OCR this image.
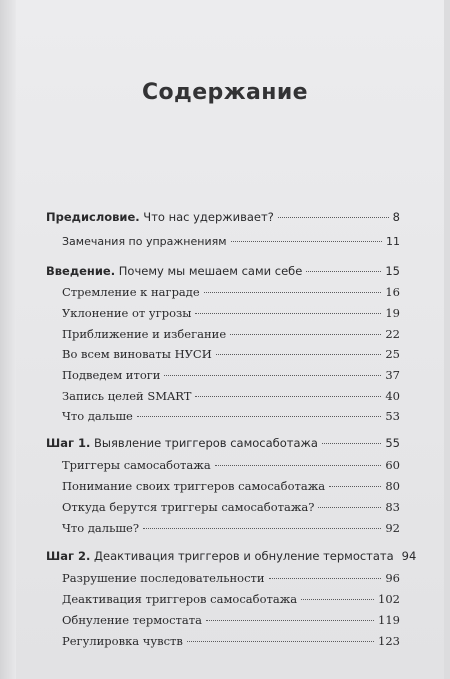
Содержание
Предисловие. Что нас удерживает?	8
Замечания по упражнениям	11
Введение. Почему мы мешаем сами себе	15
Стремление к награде	16
Уклонение от угрозы	19
Приближение и избегание	22
Во всем виноваты НУСИ	25
Подведем итоги	37
Запись целей SMART	40
Что дальше	53
Шаг 1. Выявление триггеров самосаботажа	55
Триггеры самосаботажа	60
Понимание своих триггеров самосаботажа	80
Откуда берутся триггеры самосаботажа?	83
Что дальше?	92
Шаг 2. Деактивация триггеров и обнуление термостата 94
Разрушение последовательности	96
Деактивация триггеров самосаботажа	102
Обнуление термостата	119
Регулировка чувств	123
